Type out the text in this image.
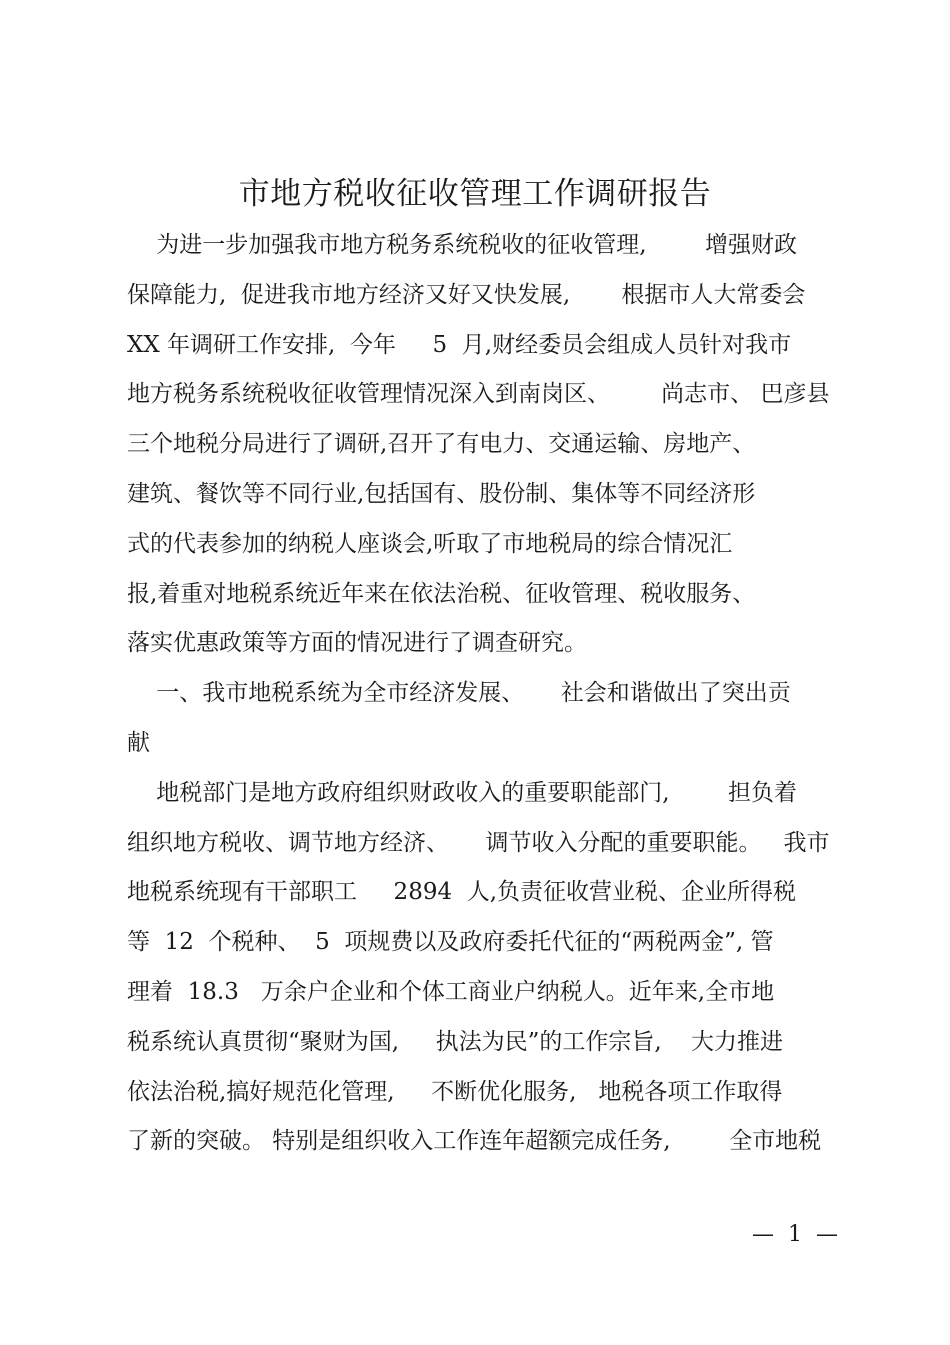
市地方税收征收管理工作调研报告
为进一步加强我市地方税务系统税收的征收管理,        增强财政
保障能力,  促进我市地方经济又好又快发展,       根据市人大常委会
XX 年调研工作安排,  今年     5  月,财经委员会组成人员针对我市
地方税务系统税收征收管理情况深入到南岗区、       尚志市、 巴彦县
三个地税分局进行了调研,召开了有电力、交通运输、房地产、
建筑、餐饮等不同行业,包括国有、股份制、集体等不同经济形
式的代表参加的纳税人座谈会,听取了市地税局的综合情况汇
报,着重对地税系统近年来在依法治税、征收管理、税收服务、
落实优惠政策等方面的情况进行了调查研究。
一、我市地税系统为全市经济发展、     社会和谐做出了突出贡
献
地税部门是地方政府组织财政收入的重要职能部门,        担负着
组织地方税收、调节地方经济、     调节收入分配的重要职能。   我市
地税系统现有干部职工     2894  人,负责征收营业税、企业所得税
等  12  个税种、  5  项规费以及政府委托代征的“两税两金”, 管
理着  18.3   万余户企业和个体工商业户纳税人。近年来,全市地
税系统认真贯彻“聚财为国,     执法为民”的工作宗旨,    大力推进
依法治税,搞好规范化管理,     不断优化服务,   地税各项工作取得
了新的突破。 特别是组织收入工作连年超额完成任务,        全市地税
—  1  —
